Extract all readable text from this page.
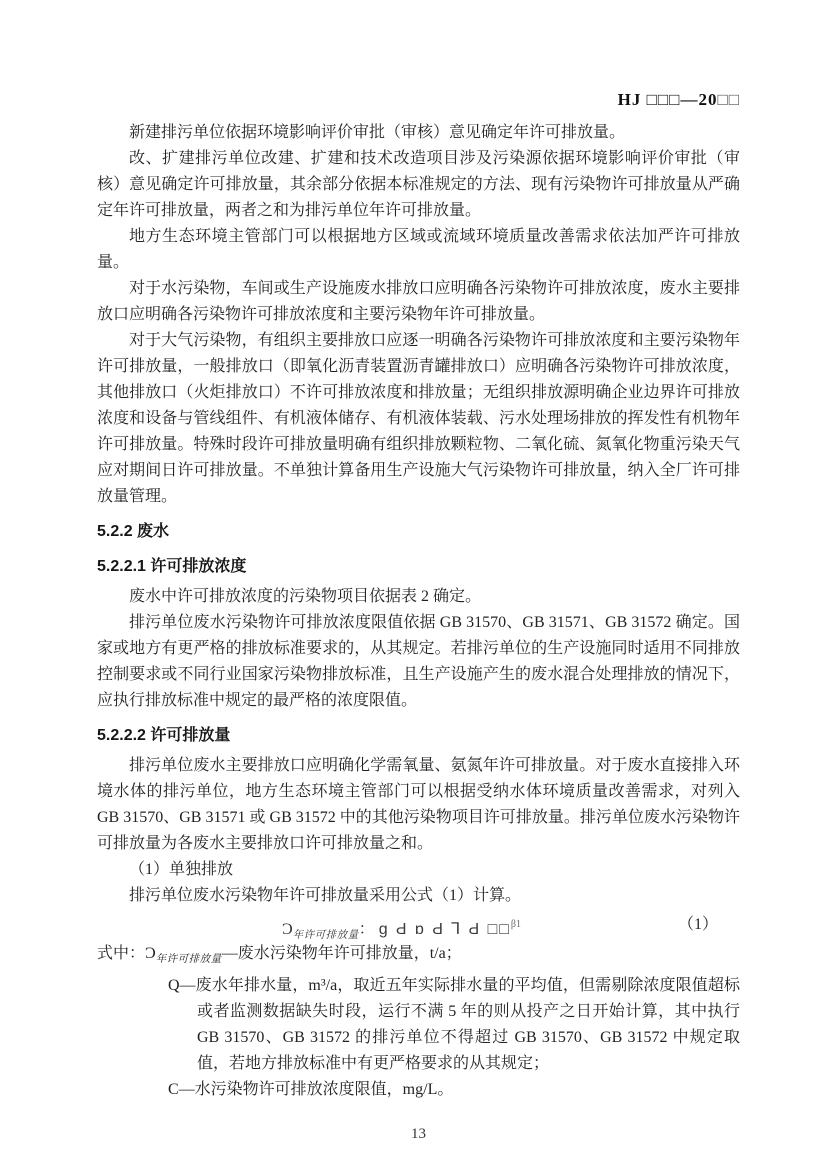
HJ □□□—20□□

新建排污单位依据环境影响评价审批（审核）意见确定年许可排放量。

改、扩建排污单位改建、扩建和技术改造项目涉及污染源依据环境影响评价审批（审核）意见确定许可排放量，其余部分依据本标准规定的方法、现有污染物许可排放量从严确定年许可排放量，两者之和为排污单位年许可排放量。

地方生态环境主管部门可以根据地方区域或流域环境质量改善需求依法加严许可排放量。

对于水污染物，车间或生产设施废水排放口应明确各污染物许可排放浓度，废水主要排放口应明确各污染物许可排放浓度和主要污染物年许可排放量。

对于大气污染物，有组织主要排放口应逐一明确各污染物许可排放浓度和主要污染物年许可排放量，一般排放口（即氧化沥青装置沥青罐排放口）应明确各污染物许可排放浓度，其他排放口（火炬排放口）不许可排放浓度和排放量；无组织排放源明确企业边界许可排放浓度和设备与管线组件、有机液体储存、有机液体装载、污水处理场排放的挥发性有机物年许可排放量。特殊时段许可排放量明确有组织排放颗粒物、二氧化硫、氮氧化物重污染天气应对期间日许可排放量。不单独计算备用生产设施大气污染物许可排放量，纳入全厂许可排放量管理。

5.2.2 废水
5.2.2.1 许可排放浓度

废水中许可排放浓度的污染物项目依据表 2 确定。

排污单位废水污染物许可排放浓度限值依据 GB 31570、GB 31571、GB 31572 确定。国家或地方有更严格的排放标准要求的，从其规定。若排污单位的生产设施同时适用不同排放控制要求或不同行业国家污染物排放标准，且生产设施产生的废水混合处理排放的情况下，应执行排放标准中规定的最严格的浓度限值。

5.2.2.2 许可排放量

排污单位废水主要排放口应明确化学需氧量、氨氮年许可排放量。对于废水直接排入环境水体的排污单位，地方生态环境主管部门可以根据受纳水体环境质量改善需求，对列入 GB 31570、GB 31571 或 GB 31572 中的其他污染物项目许可排放量。排污单位废水污染物许可排放量为各废水主要排放口许可排放量之和。

（1）单独排放

排污单位废水污染物年许可排放量采用公式（1）计算。

$Ɔ_{年许可排放量}$： g Ԁ ɒ Ԁ ⅂ Ԁ □□$^{\beta 1}$	（1）

式中：$Ɔ_{年许可排放量}—$废水污染物年许可排放量，t/a；

Q—废水年排水量，m³/a，取近五年实际排水量的平均值，但需剔除浓度限值超标或者监测数据缺失时段，运行不满 5 年的则从投产之日开始计算，其中执行 GB 31570、GB 31572 的排污单位不得超过 GB 31570、GB 31572 中规定取值，若地方排放标准中有更严格要求的从其规定；

C—水污染物许可排放浓度限值，mg/L。

13
